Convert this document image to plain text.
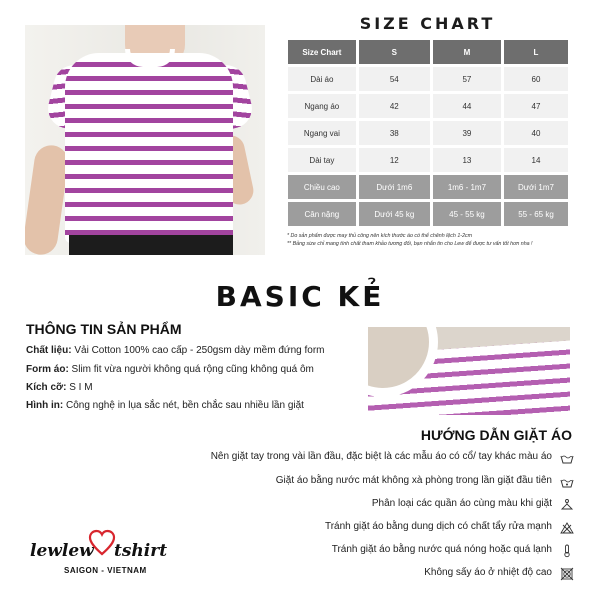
SIZE CHART
Size Chart	S	M	L
Dài áo	54	57	60
Ngang áo	42	44	47
Ngang vai	38	39	40
Dài tay	12	13	14
Chiều cao	Dưới 1m6	1m6 - 1m7	Dưới 1m7
Cân nặng	Dưới 45 kg	45 - 55 kg	55 - 65 kg
* Do sản phẩm được may thủ công nên kích thước áo có thể chênh lệch 1-2cm
** Bảng size chỉ mang tính chất tham khảo tương đối, bạn nhắn tin cho Lew để được tư vấn tốt hơn nha !
BASIC KẺ
THÔNG TIN SẢN PHẨM
Chất liệu: Vải Cotton 100% cao cấp - 250gsm dày mềm đứng form
Form áo: Slim fit vừa người không quá rộng cũng không quá ôm
Kích cỡ: S I M
Hình in: Công nghệ in lụa sắc nét, bền chắc sau nhiều lần giặt
HƯỚNG DẪN GIẶT ÁO
Nên giặt tay trong vài lần đầu, đặc biệt là các mẫu áo có cổ/ tay khác màu áo
Giặt áo bằng nước mát không xà phòng trong lần giặt đầu tiên
Phân loại các quần áo cùng màu khi giặt
Tránh giặt áo bằng dung dịch có chất tẩy rửa mạnh
Tránh giặt áo bằng nước quá nóng hoặc quá lạnh
Không sấy áo ở nhiệt độ cao
lewlew tshirt
SAIGON - VIETNAM
